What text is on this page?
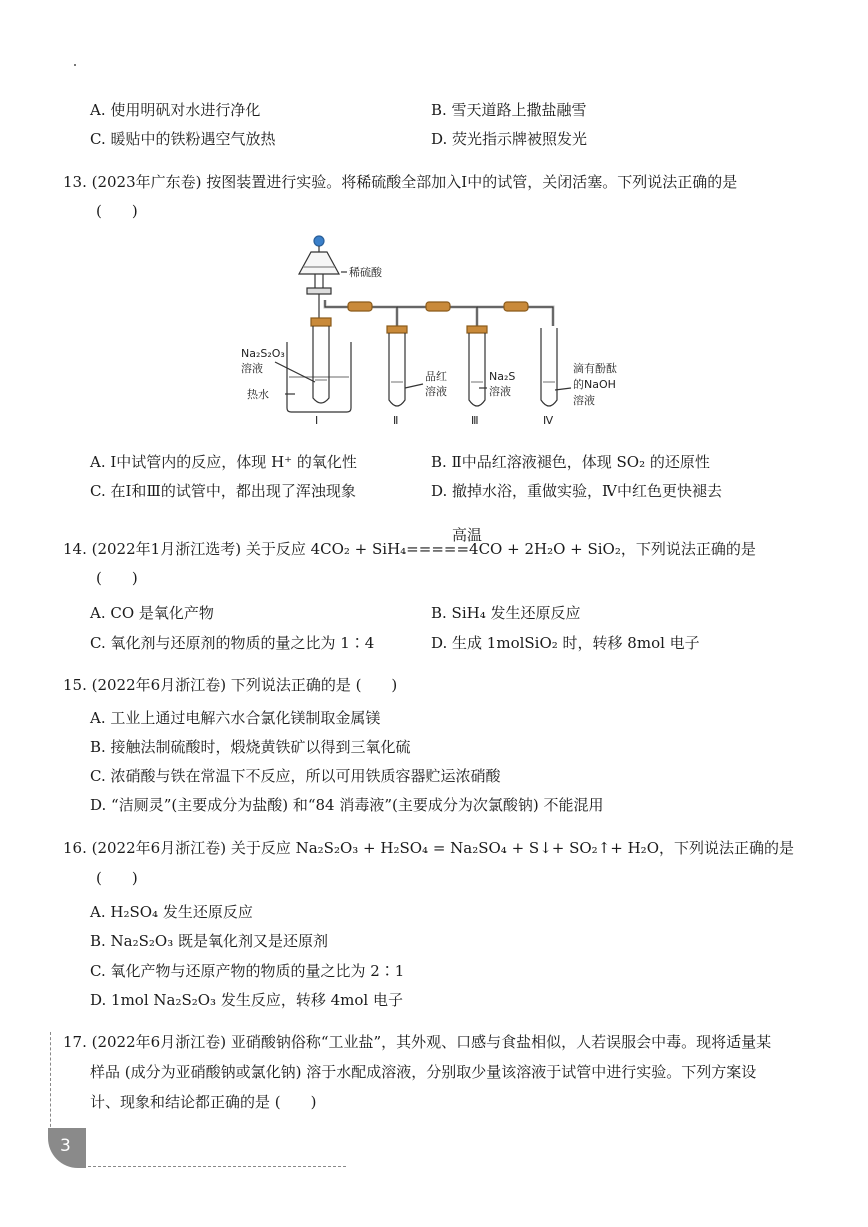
A. 使用明矾对水进行净化	B. 雪天道路上撒盐融雪
C. 暖贴中的铁粉遇空气放热	D. 荧光指示牌被照发光
13. (2023年广东卷) 按图装置进行实验。将稀硫酸全部加入Ⅰ中的试管，关闭活塞。下列说法正确的是
(　　)
稀硫酸
Na₂S₂O₃
溶液
热水
品红
溶液
Na₂S
溶液
滴有酚酞
的NaOH
溶液
Ⅰ	Ⅱ	Ⅲ	Ⅳ
A. Ⅰ中试管内的反应，体现 H⁺ 的氧化性	B. Ⅱ中品红溶液褪色，体现 SO₂ 的还原性
C. 在Ⅰ和Ⅲ的试管中，都出现了浑浊现象	D. 撤掉水浴，重做实验，Ⅳ中红色更快褪去
高温
14. (2022年1月浙江选考) 关于反应 4CO₂ + SiH₄=====4CO + 2H₂O + SiO₂，下列说法正确的是
(　　)
A. CO 是氧化产物	B. SiH₄ 发生还原反应
C. 氧化剂与还原剂的物质的量之比为 1∶4	D. 生成 1molSiO₂ 时，转移 8mol 电子
15. (2022年6月浙江卷) 下列说法正确的是 (　　)
A. 工业上通过电解六水合氯化镁制取金属镁
B. 接触法制硫酸时，煅烧黄铁矿以得到三氧化硫
C. 浓硝酸与铁在常温下不反应，所以可用铁质容器贮运浓硝酸
D. “洁厕灵”(主要成分为盐酸) 和“84 消毒液”(主要成分为次氯酸钠) 不能混用
16. (2022年6月浙江卷) 关于反应 Na₂S₂O₃ + H₂SO₄ = Na₂SO₄ + S↓+ SO₂↑+ H₂O，下列说法正确的是
(　　)
A. H₂SO₄ 发生还原反应
B. Na₂S₂O₃ 既是氧化剂又是还原剂
C. 氧化产物与还原产物的物质的量之比为 2∶1
D. 1mol Na₂S₂O₃ 发生反应，转移 4mol 电子
17. (2022年6月浙江卷) 亚硝酸钠俗称“工业盐”，其外观、口感与食盐相似，人若误服会中毒。现将适量某
样品 (成分为亚硝酸钠或氯化钠) 溶于水配成溶液，分别取少量该溶液于试管中进行实验。下列方案设
计、现象和结论都正确的是 (　　)
3
